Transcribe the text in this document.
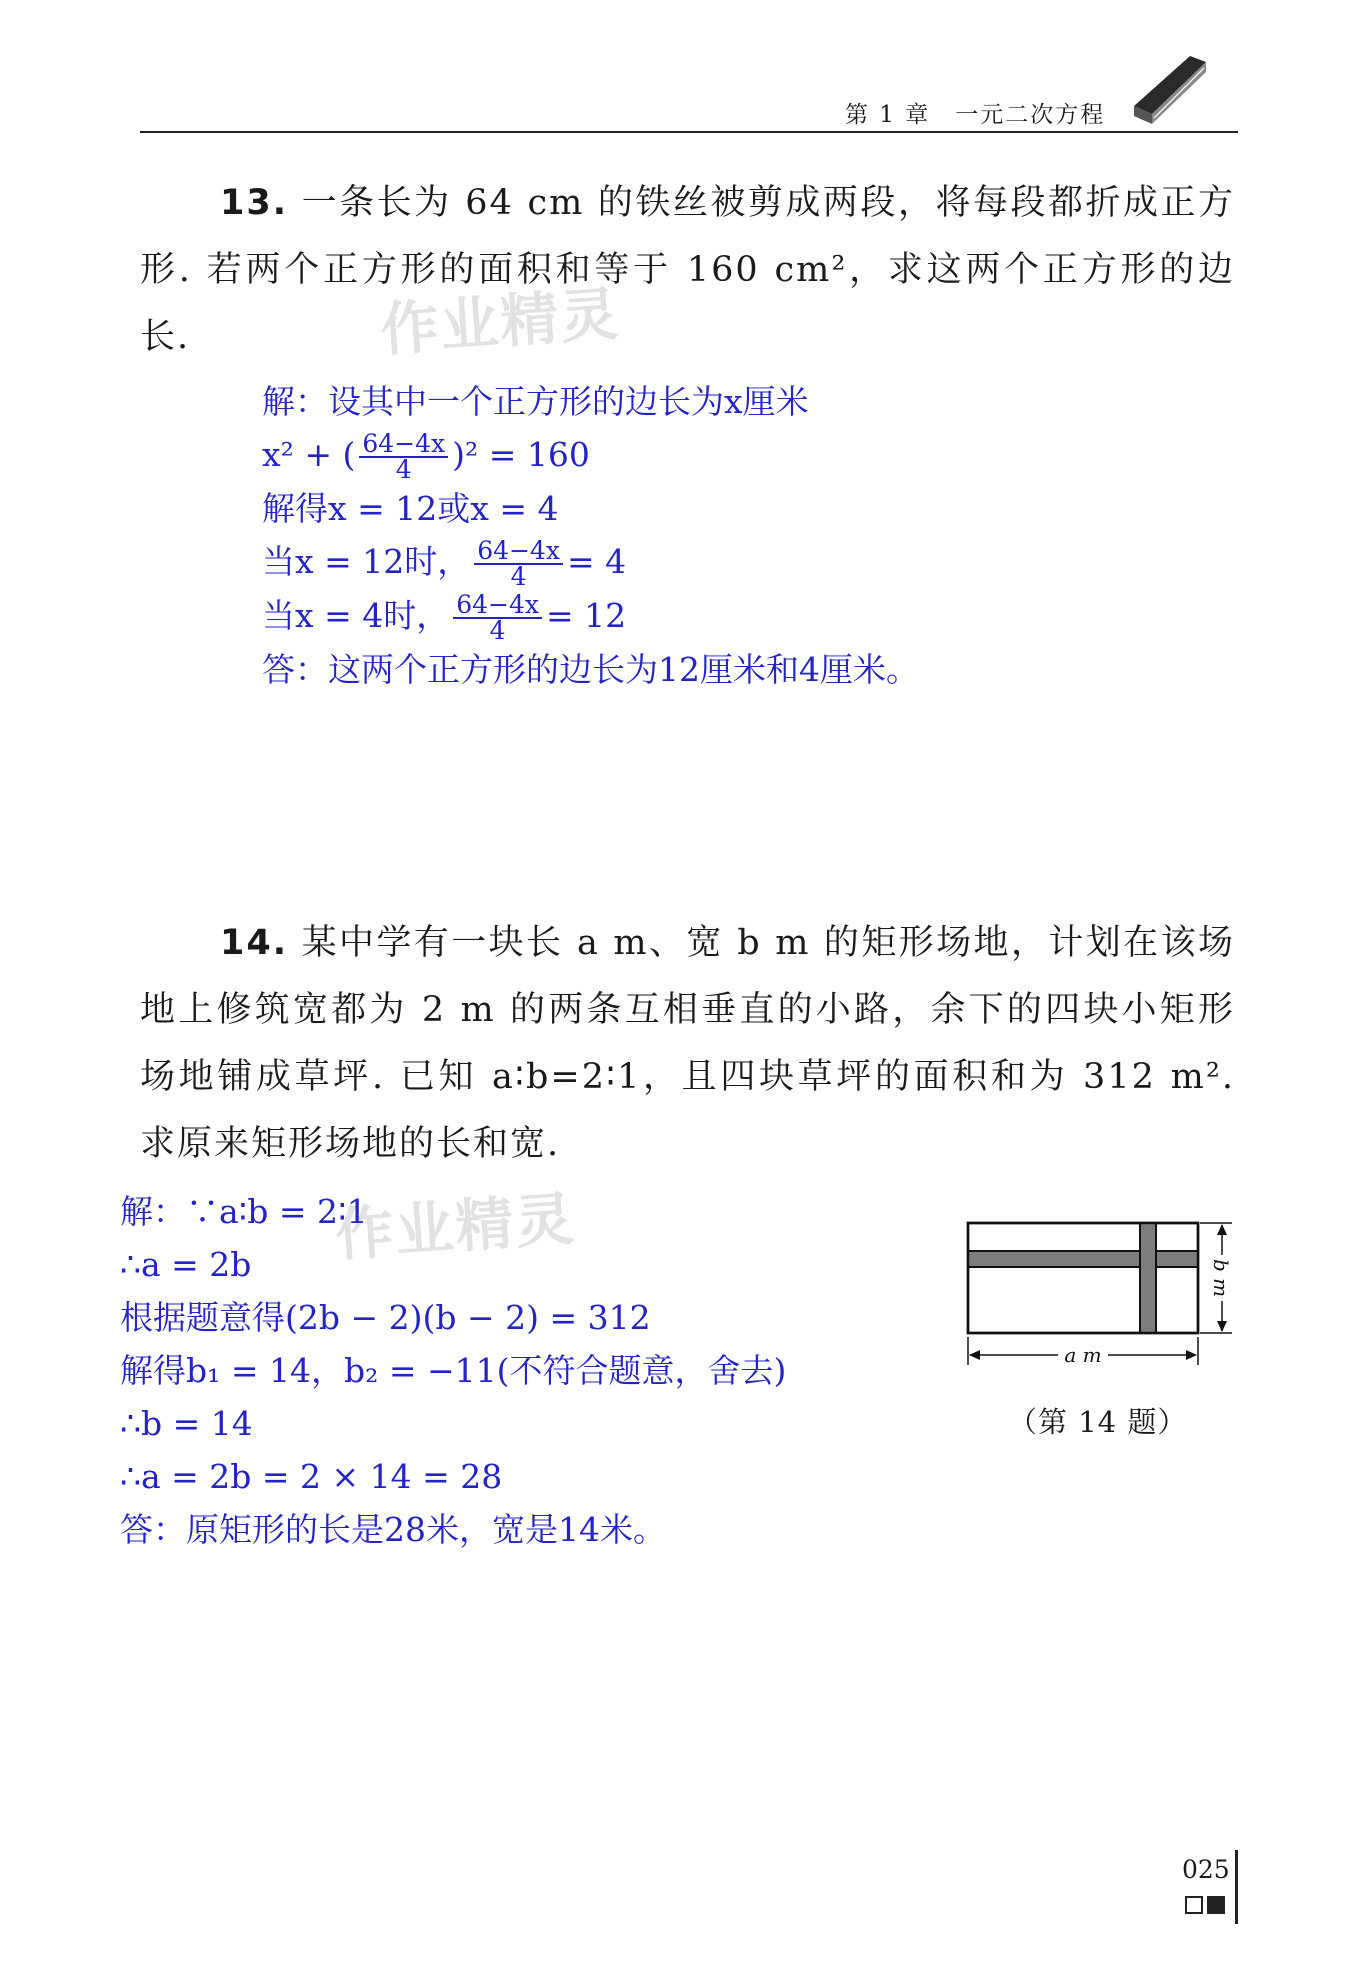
第 1 章　一元二次方程
13. 一条长为 64 cm 的铁丝被剪成两段，将每段都折成正方形. 若两个正方形的面积和等于 160 cm²，求这两个正方形的边长.	作业精灵
解：设其中一个正方形的边长为x厘米
x² + ( $\frac{64-4x}{4} )^2 = 160$
解得x = 12或x = 4
当x = 12时， $\frac{64-4x}{4} = 4$
当x = 4时， $\frac{64-4x}{4} = 12$
答：这两个正方形的边长为12厘米和4厘米。
14. 某中学有一块长 a m、宽 b m 的矩形场地，计划在该场地上修筑宽都为 2 m 的两条互相垂直的小路，余下的四块小矩形场地铺成草坪. 已知 a∶b=2∶1，且四块草坪的面积和为 312 m². 求原来矩形场地的长和宽.
作业精灵
解：∵a∶b = 2∶1
∴a = 2b
根据题意得(2b − 2)(b − 2) = 312
解得b₁ = 14，b₂ = −11(不符合题意，舍去)
∴b = 14
∴a = 2b = 2 × 14 = 28
答：原矩形的长是28米，宽是14米。
b m
a m
（第 14 题）
025
